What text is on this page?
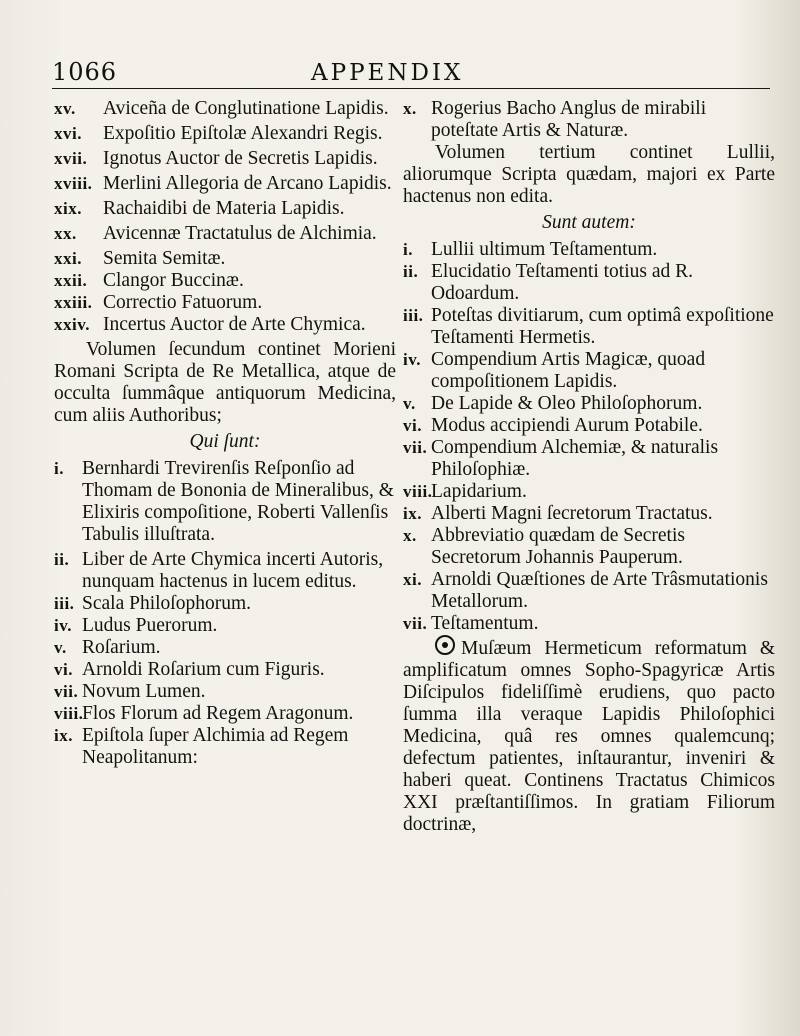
1066	APPENDIX

xv. Aviceña de Conglutinatione Lapidis.

xvi. Expoſitio Epiſtolæ Alexandri Regis.

xvii. Ignotus Auctor de Secretis Lapidis.

xviii. Merlini Allegoria de Arcano Lapidis.

xix. Rachaidibi de Materia Lapidis.

xx. Avicennæ Tractatulus de Alchimia.

xxi. Semita Semitæ.

xxii. Clangor Buccinæ.

xxiii. Correctio Fatuorum.

xxiv. Incertus Auctor de Arte Chymica.

Volumen ſecundum continet Morieni Romani Scripta de Re Metallica, atque de occulta ſummâque antiquorum Medicina, cum aliis Authoribus;

Qui ſunt:

i. Bernhardi Trevirenſis Reſponſio ad Thomam de Bononia de Mineralibus, & Elixiris compoſitione, Roberti Vallenſis Tabulis illuſtrata.

ii. Liber de Arte Chymica incerti Autoris, nunquam hactenus in lucem editus.

iii. Scala Philoſophorum.

iv. Ludus Puerorum.

v. Roſarium.

vi. Arnoldi Roſarium cum Figuris.

vii. Novum Lumen.

viii.
Flos Florum ad Regem Aragonum.

ix. Epiſtola ſuper Alchimia ad Regem Neapolitanum:

x. Rogerius Bacho Anglus de mirabili poteſtate Artis & Naturæ.

Volumen tertium continet Lullii, aliorumque Scripta quædam, majori ex Parte hactenus non edita.

Sunt autem:

i. Lullii ultimum Teſtamentum.

ii. Elucidatio Teſtamenti totius ad R. Odoardum.

iii. Poteſtas divitiarum, cum optimâ expoſitione Teſtamenti Hermetis.

iv. Compendium Artis Magicæ, quoad compoſitionem Lapidis.

v. De Lapide & Oleo Philoſophorum.

vi. Modus accipiendi Aurum Potabile.

vii. Compendium Alchemiæ, & naturalis Philoſophiæ.

viii.
Lapidarium.

ix. Alberti Magni ſecretorum Tractatus.

x. Abbreviatio quædam de Secretis Secretorum Johannis Pauperum.

xi. Arnoldi Quæſtiones de Arte Trâsmutationis Metallorum.

vii. Teſtamentum.

Muſæum Hermeticum reformatum & amplificatum omnes Sopho-Spagyricæ Artis Diſcipulos fideliſſimè erudiens, quo pacto ſumma illa veraque Lapidis Philoſophici Medicina, quâ res omnes qualemcunq; defectum patientes, inſtaurantur, inveniri & haberi queat. Continens Tractatus Chimicos XXI præſtantiſſimos. In gratiam Filiorum doctrinæ,
